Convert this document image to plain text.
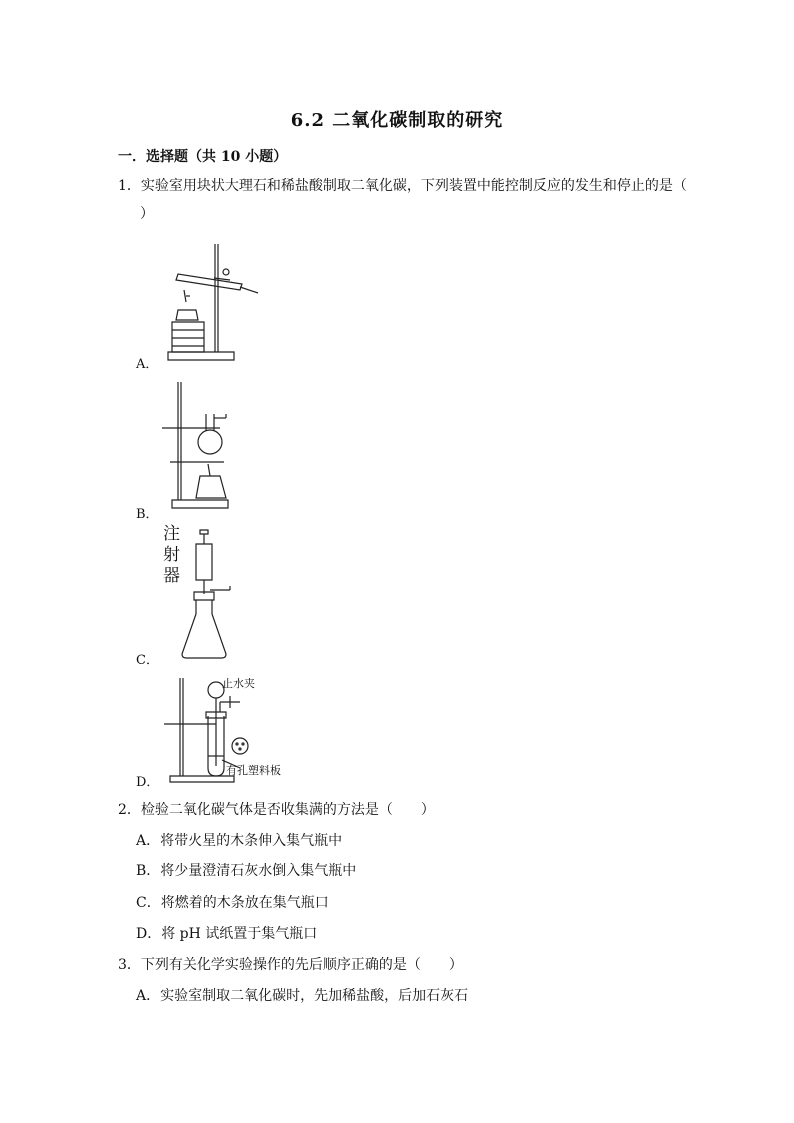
6.2 二氧化碳制取的研究
一．选择题（共 10 小题）
1．实验室用块状大理石和稀盐酸制取二氧化碳，下列装置中能控制反应的发生和停止的是（
）
A．
B．
注射器
C．
止水夹
有孔塑料板
D．
2．检验二氧化碳气体是否收集满的方法是（　　）
A．将带火星的木条伸入集气瓶中
B．将少量澄清石灰水倒入集气瓶中
C．将燃着的木条放在集气瓶口
D．将 pH 试纸置于集气瓶口
3．下列有关化学实验操作的先后顺序正确的是（　　）
A．实验室制取二氧化碳时，先加稀盐酸，后加石灰石
